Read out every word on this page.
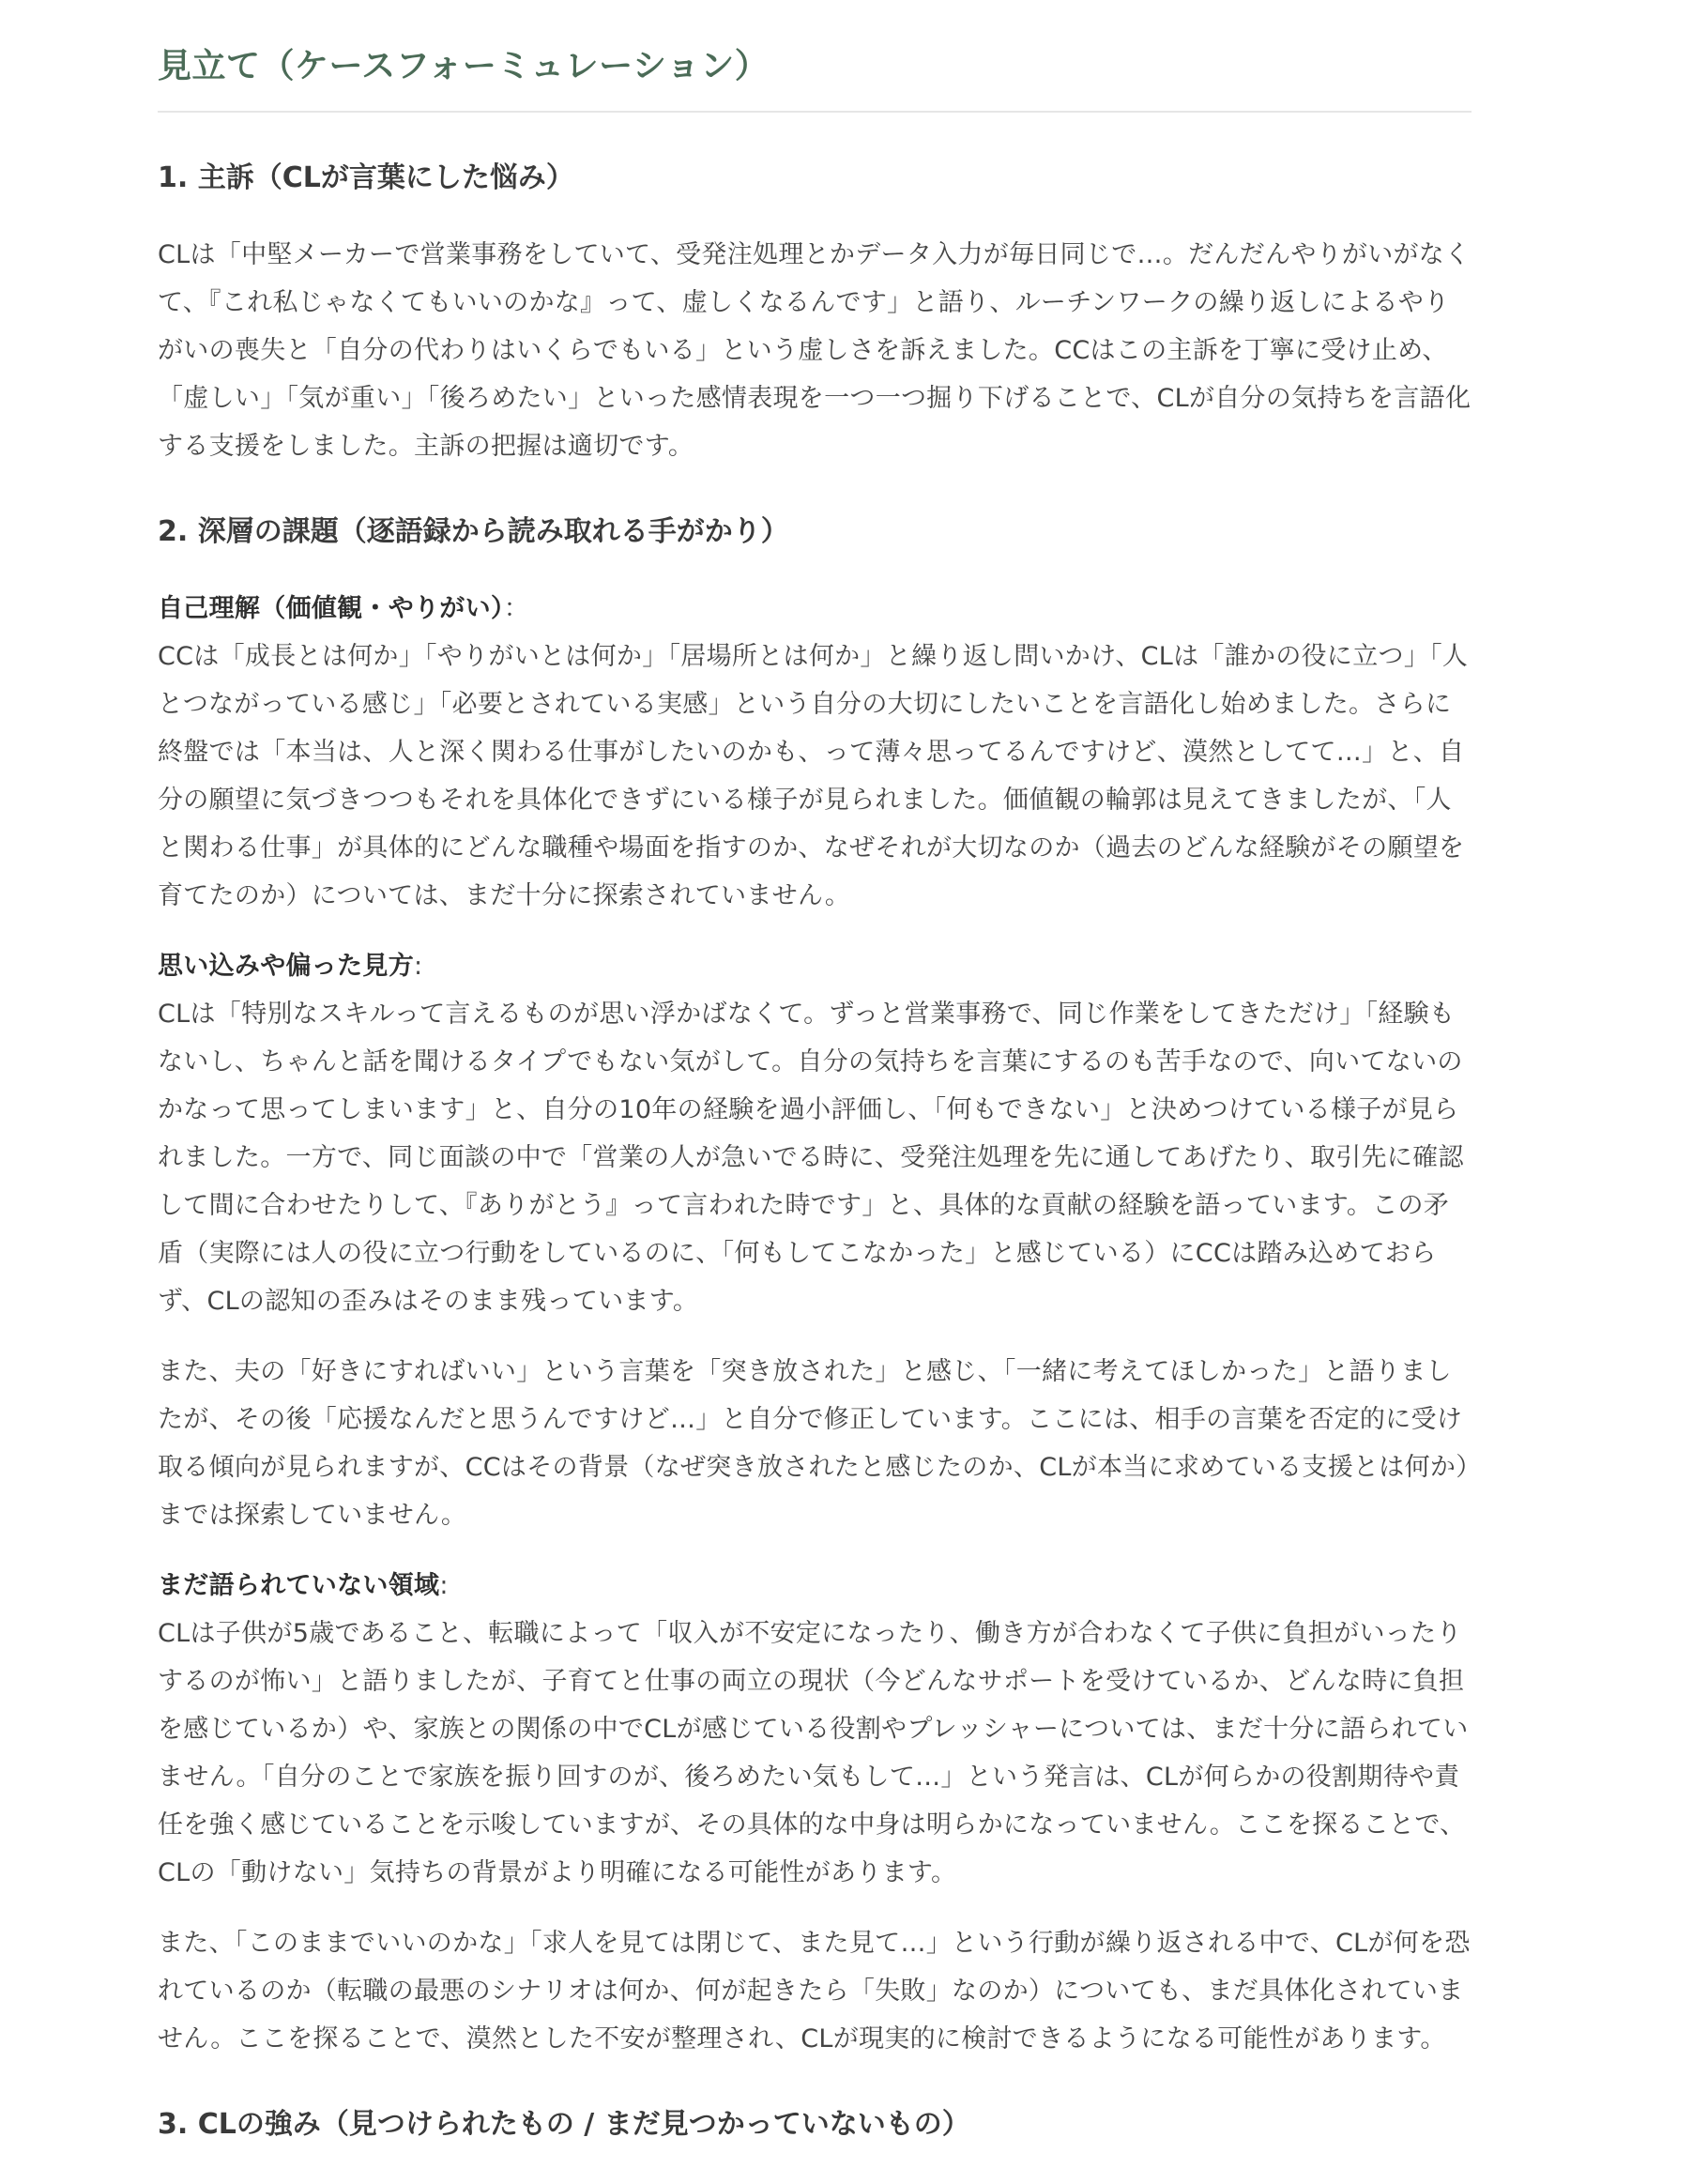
見立て（ケースフォーミュレーション）
1. 主訴（CLが言葉にした悩み）

CLは「中堅メーカーで営業事務をしていて、受発注処理とかデータ入力が毎日同じで…。だんだんやりがいがなくて、『これ私じゃなくてもいいのかな』って、虚しくなるんです」と語り、ルーチンワークの繰り返しによるやりがいの喪失と「自分の代わりはいくらでもいる」という虚しさを訴えました。CCはこの主訴を丁寧に受け止め、「虚しい」「気が重い」「後ろめたい」といった感情表現を一つ一つ掘り下げることで、CLが自分の気持ちを言語化する支援をしました。主訴の把握は適切です。

2. 深層の課題（逐語録から読み取れる手がかり）

自己理解（価値観・やりがい）：
CCは「成長とは何か」「やりがいとは何か」「居場所とは何か」と繰り返し問いかけ、CLは「誰かの役に立つ」「人とつながっている感じ」「必要とされている実感」という自分の大切にしたいことを言語化し始めました。さらに終盤では「本当は、人と深く関わる仕事がしたいのかも、って薄々思ってるんですけど、漠然としてて…」と、自分の願望に気づきつつもそれを具体化できずにいる様子が見られました。価値観の輪郭は見えてきましたが、「人と関わる仕事」が具体的にどんな職種や場面を指すのか、なぜそれが大切なのか（過去のどんな経験がその願望を育てたのか）については、まだ十分に探索されていません。

思い込みや偏った見方:
CLは「特別なスキルって言えるものが思い浮かばなくて。ずっと営業事務で、同じ作業をしてきただけ」「経験もないし、ちゃんと話を聞けるタイプでもない気がして。自分の気持ちを言葉にするのも苦手なので、向いてないのかなって思ってしまいます」と、自分の10年の経験を過小評価し、「何もできない」と決めつけている様子が見られました。一方で、同じ面談の中で「営業の人が急いでる時に、受発注処理を先に通してあげたり、取引先に確認して間に合わせたりして、『ありがとう』って言われた時です」と、具体的な貢献の経験を語っています。この矛盾（実際には人の役に立つ行動をしているのに、「何もしてこなかった」と感じている）にCCは踏み込めておらず、CLの認知の歪みはそのまま残っています。

また、夫の「好きにすればいい」という言葉を「突き放された」と感じ、「一緒に考えてほしかった」と語りましたが、その後「応援なんだと思うんですけど…」と自分で修正しています。ここには、相手の言葉を否定的に受け取る傾向が見られますが、CCはその背景（なぜ突き放されたと感じたのか、CLが本当に求めている支援とは何か）までは探索していません。

まだ語られていない領域:
CLは子供が5歳であること、転職によって「収入が不安定になったり、働き方が合わなくて子供に負担がいったりするのが怖い」と語りましたが、子育てと仕事の両立の現状（今どんなサポートを受けているか、どんな時に負担を感じているか）や、家族との関係の中でCLが感じている役割やプレッシャーについては、まだ十分に語られていません。「自分のことで家族を振り回すのが、後ろめたい気もして…」という発言は、CLが何らかの役割期待や責任を強く感じていることを示唆していますが、その具体的な中身は明らかになっていません。ここを探ることで、CLの「動けない」気持ちの背景がより明確になる可能性があります。

また、「このままでいいのかな」「求人を見ては閉じて、また見て…」という行動が繰り返される中で、CLが何を恐れているのか（転職の最悪のシナリオは何か、何が起きたら「失敗」なのか）についても、まだ具体化されていません。ここを探ることで、漠然とした不安が整理され、CLが現実的に検討できるようになる可能性があります。

3. CLの強み（見つけられたもの / まだ見つかっていないもの）
